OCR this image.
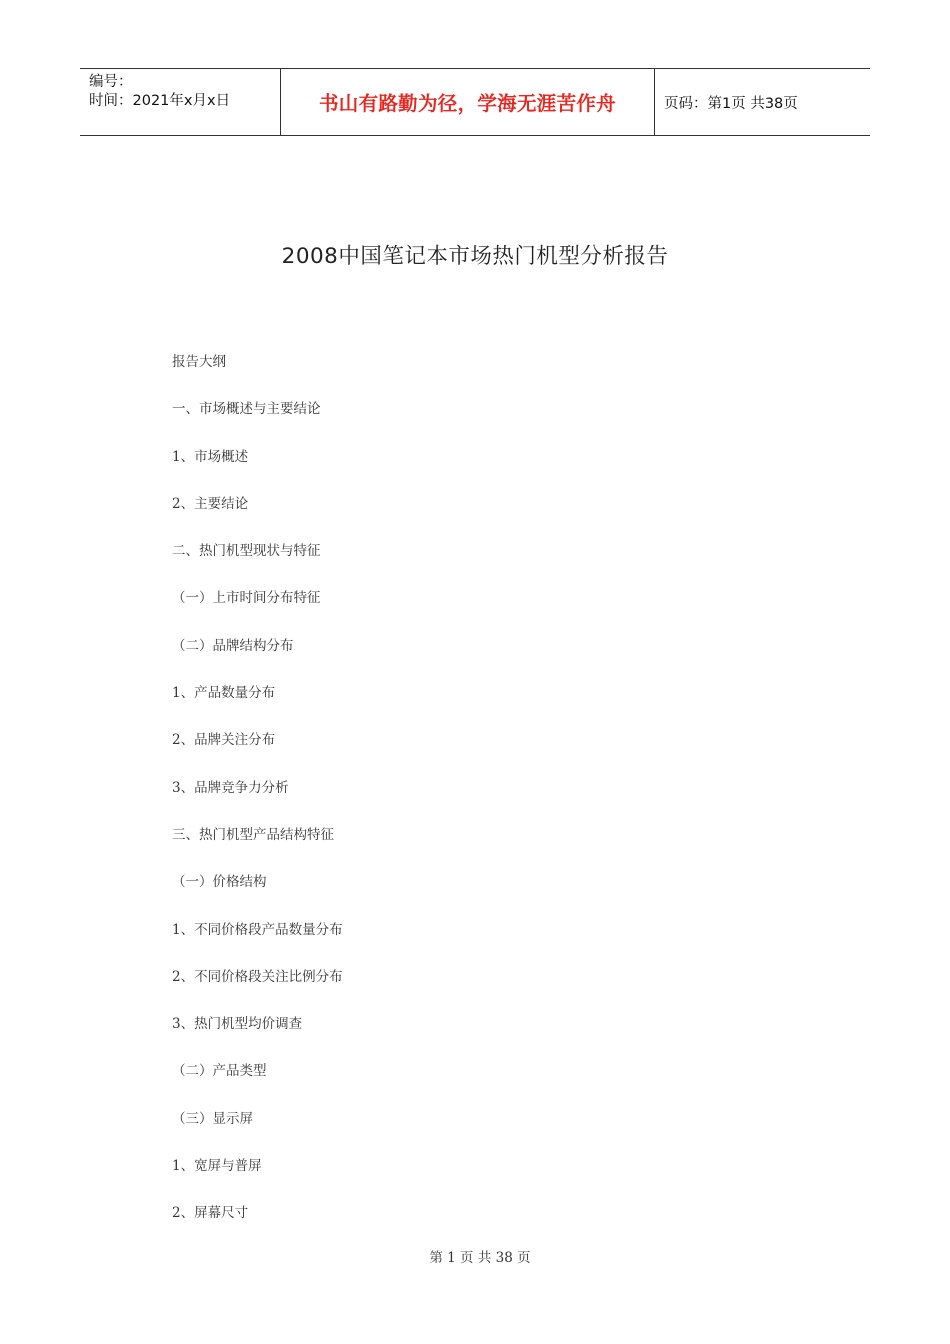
编号：
时间：2021年x月x日	书山有路勤为径，学海无涯苦作舟	页码：第1页 共38页
2008中国笔记本市场热门机型分析报告
报告大纲
一、市场概述与主要结论
1、市场概述
2、主要结论
二、热门机型现状与特征
（一）上市时间分布特征
（二）品牌结构分布
1、产品数量分布
2、品牌关注分布
3、品牌竞争力分析
三、热门机型产品结构特征
（一）价格结构
1、不同价格段产品数量分布
2、不同价格段关注比例分布
3、热门机型均价调查
（二）产品类型
（三）显示屏
1、宽屏与普屏
2、屏幕尺寸
第 1 页 共 38 页
